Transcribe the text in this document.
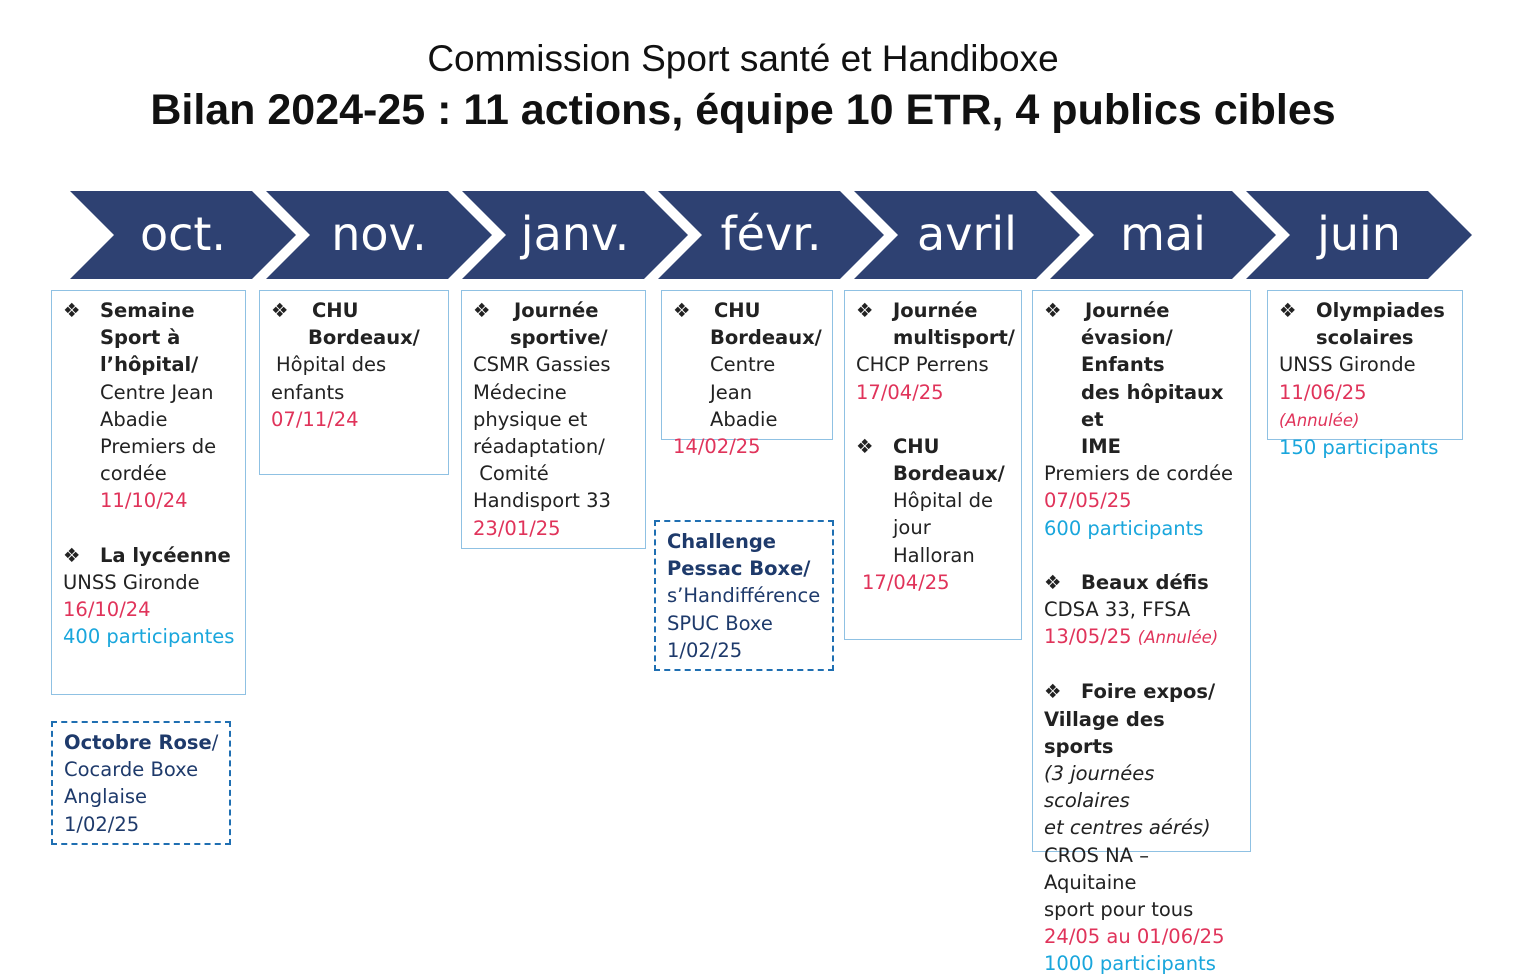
Commission Sport santé et Handiboxe
Bilan 2024-25 : 11 actions, équipe 10 ETR, 4 publics cibles
oct.	nov.	janv.	févr.	avril	mai	juin
❖ Semaine
Sport à
l’hôpital/
Centre Jean
Abadie
Premiers de
cordée
11/10/24
❖ La lycéenne
UNSS Gironde
16/10/24
400 participantes
Octobre Rose/
Cocarde Boxe
Anglaise
1/02/25
❖ CHU
Bordeaux/
Hôpital des
enfants
07/11/24
❖ Journée
sportive/
CSMR Gassies
Médecine
physique et
réadaptation/
Comité
Handisport 33
23/01/25
❖ CHU
Bordeaux/
Centre Jean
Abadie
14/02/25
Challenge
Pessac Boxe/
s’Handifférence
SPUC Boxe
1/02/25
❖ Journée
multisport/
CHCP Perrens
17/04/25
❖ CHU
Bordeaux/
Hôpital de
jour
Halloran
17/04/25
❖ Journée
évasion/ Enfants
des hôpitaux et
IME
Premiers de cordée
07/05/25
600 participants
❖ Beaux défis
CDSA 33, FFSA
13/05/25 (Annulée)
❖ Foire expos/
Village des sports
(3 journées scolaires
et centres aérés)
CROS NA – Aquitaine
sport pour tous
24/05 au 01/06/25
1000 participants
❖ Olympiades
scolaires
UNSS Gironde
11/06/25 (Annulée)
150 participants
